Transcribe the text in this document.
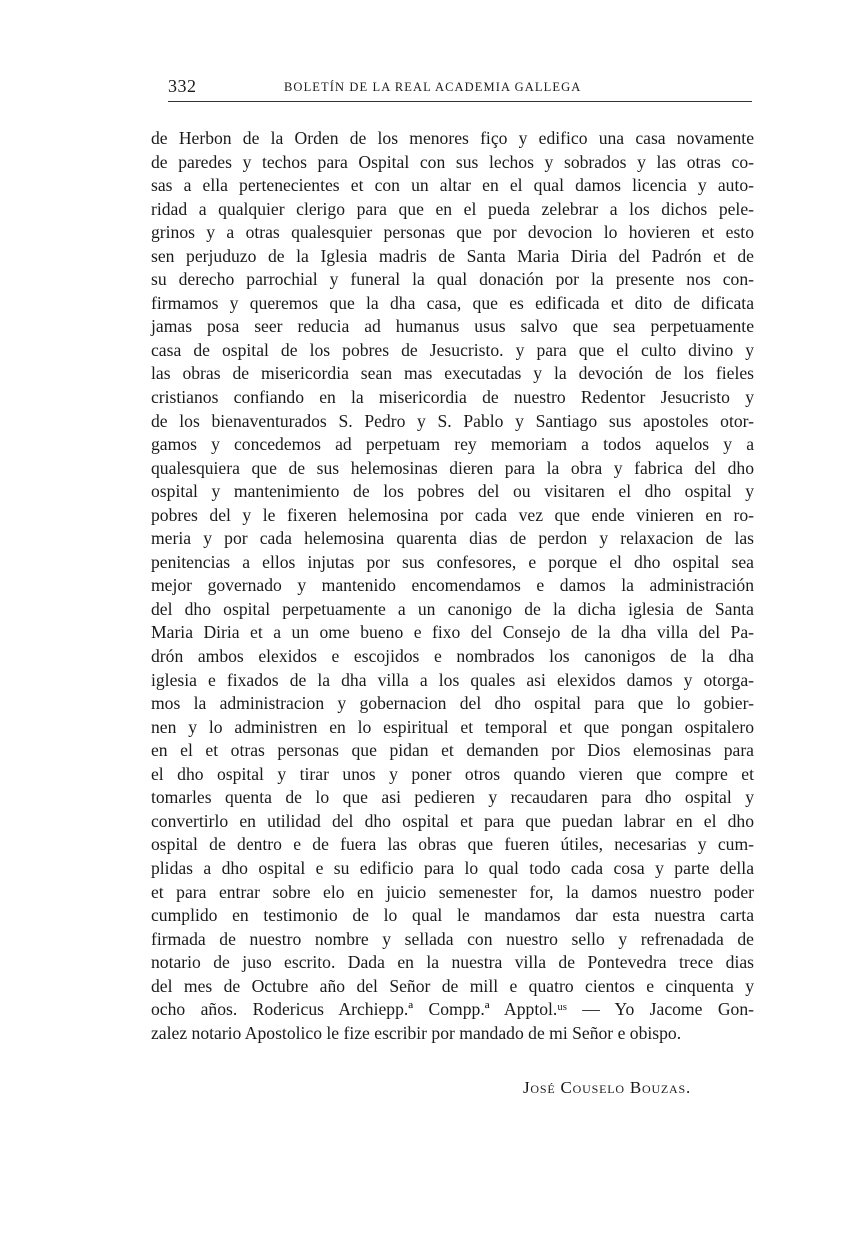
332	BOLETÍN DE LA REAL ACADEMIA GALLEGA
de Herbon de la Orden de los menores fiço y edifico una casa novamente
de paredes y techos para Ospital con sus lechos y sobrados y las otras co-
sas a ella pertenecientes et con un altar en el qual damos licencia y auto-
ridad a qualquier clerigo para que en el pueda zelebrar a los dichos pele-
grinos y a otras qualesquier personas que por devocion lo hovieren et esto
sen perjuduzo de la Iglesia madris de Santa Maria Diria del Padrón et de
su derecho parrochial y funeral la qual donación por la presente nos con-
firmamos y queremos que la dha casa, que es edificada et dito de dificata
jamas posa seer reducia ad humanus usus salvo que sea perpetuamente
casa de ospital de los pobres de Jesucristo. y para que el culto divino y
las obras de misericordia sean mas executadas y la devoción de los fieles
cristianos confiando en la misericordia de nuestro Redentor Jesucristo y
de los bienaventurados S. Pedro y S. Pablo y Santiago sus apostoles otor-
gamos y concedemos ad perpetuam rey memoriam a todos aquelos y a
qualesquiera que de sus helemosinas dieren para la obra y fabrica del dho
ospital y mantenimiento de los pobres del ou visitaren el dho ospital y
pobres del y le fixeren helemosina por cada vez que ende vinieren en ro-
meria y por cada helemosina quarenta dias de perdon y relaxacion de las
penitencias a ellos injutas por sus confesores, e porque el dho ospital sea
mejor governado y mantenido encomendamos e damos la administración
del dho ospital perpetuamente a un canonigo de la dicha iglesia de Santa
Maria Diria et a un ome bueno e fixo del Consejo de la dha villa del Pa-
drón ambos elexidos e escojidos e nombrados los canonigos de la dha
iglesia e fixados de la dha villa a los quales asi elexidos damos y otorga-
mos la administracion y gobernacion del dho ospital para que lo gobier-
nen y lo administren en lo espiritual et temporal et que pongan ospitalero
en el et otras personas que pidan et demanden por Dios elemosinas para
el dho ospital y tirar unos y poner otros quando vieren que compre et
tomarles quenta de lo que asi pedieren y recaudaren para dho ospital y
convertirlo en utilidad del dho ospital et para que puedan labrar en el dho
ospital de dentro e de fuera las obras que fueren útiles, necesarias y cum-
plidas a dho ospital e su edificio para lo qual todo cada cosa y parte della
et para entrar sobre elo en juicio semenester for, la damos nuestro poder
cumplido en testimonio de lo qual le mandamos dar esta nuestra carta
firmada de nuestro nombre y sellada con nuestro sello y refrenadada de
notario de juso escrito. Dada en la nuestra villa de Pontevedra trece dias
del mes de Octubre año del Señor de mill e quatro cientos e cinquenta y
ocho años. Rodericus Archiepp.ª Compp.ª Apptol.ᵘˢ — Yo Jacome Gon-
zalez notario Apostolico le fize escribir por mandado de mi Señor e obispo.
José Couselo Bouzas.
